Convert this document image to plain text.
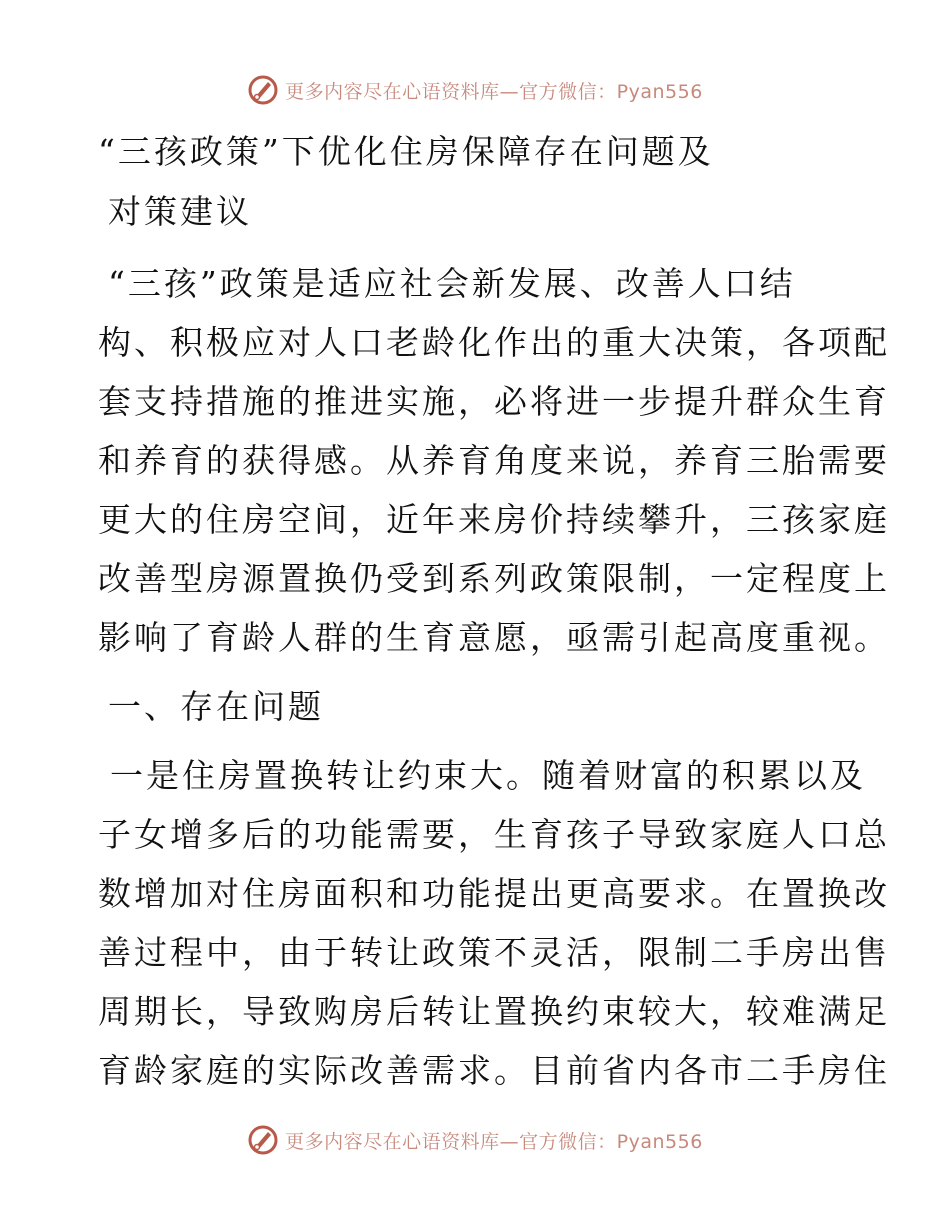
更多内容尽在心语资料库—官方微信：Pyan556
“三孩政策”下优化住房保障存在问题及
对策建议
“三孩”政策是适应社会新发展、改善人口结
构、积极应对人口老龄化作出的重大决策，各项配
套支持措施的推进实施，必将进一步提升群众生育
和养育的获得感。从养育角度来说，养育三胎需要
更大的住房空间，近年来房价持续攀升，三孩家庭
改善型房源置换仍受到系列政策限制，一定程度上
影响了育龄人群的生育意愿，亟需引起高度重视。
一、存在问题
一是住房置换转让约束大。随着财富的积累以及
子女增多后的功能需要，生育孩子导致家庭人口总
数增加对住房面积和功能提出更高要求。在置换改
善过程中，由于转让政策不灵活，限制二手房出售
周期长，导致购房后转让置换约束较大，较难满足
育龄家庭的实际改善需求。目前省内各市二手房住
更多内容尽在心语资料库—官方微信：Pyan556
